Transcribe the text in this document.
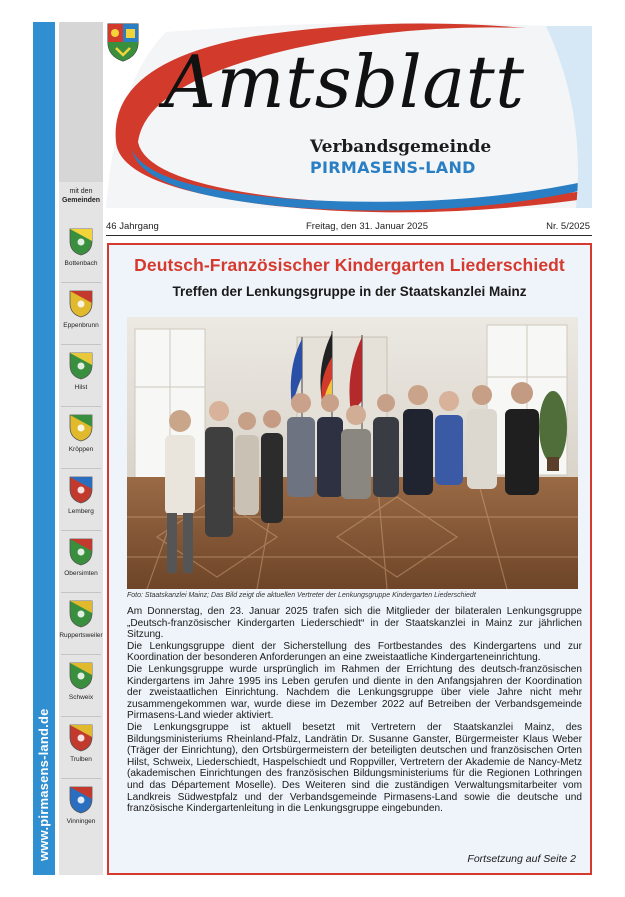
www.pirmasens-land.de
mit den
Gemeinden
Bottenbach
Eppenbrunn
Hilst
Kröppen
Lemberg
Obersimten
Ruppertsweiler
Schweix
Trulben
Vinningen
Amtsblatt
Verbandsgemeinde
PIRMASENS-LAND
46 Jahrgang	Freitag, den 31. Januar 2025	Nr. 5/2025
Deutsch-Französischer Kindergarten Liederschiedt
Treffen der Lenkungsgruppe in der Staatskanzlei Mainz
Foto: Staatskanzlei Mainz; Das Bild zeigt die aktuellen Vertreter der Lenkungsgruppe Kindergarten Liederschiedt

Am Donnerstag, den 23. Januar 2025 trafen sich die Mitglieder der bilateralen Lenkungsgruppe „Deutsch-französischer Kindergarten Liederschiedt“ in der Staatskanzlei in Mainz zur jährlichen Sitzung.

Die Lenkungsgruppe dient der Sicherstellung des Fortbestandes des Kindergartens und zur Koordination der besonderen Anforderungen an eine zweistaatliche Kindergarteneinrichtung.

Die Lenkungsgruppe wurde ursprünglich im Rahmen der Errichtung des deutsch-französischen Kindergartens im Jahre 1995 ins Leben gerufen und diente in den Anfangsjahren der Koordination der zweistaatlichen Einrichtung. Nachdem die Lenkungsgruppe über viele Jahre nicht mehr zusammengekommen war, wurde diese im Dezember 2022 auf Betreiben der Verbandsgemeinde Pirmasens-Land wieder aktiviert.

Die Lenkungsgruppe ist aktuell besetzt mit Vertretern der Staatskanzlei Mainz, des Bildungsministeriums Rheinland-Pfalz, Landrätin Dr. Susanne Ganster, Bürgermeister Klaus Weber (Träger der Einrichtung), den Ortsbürgermeistern der beteiligten deutschen und französischen Orten Hilst, Schweix, Liederschiedt, Haspelschiedt und Roppviller, Vertretern der Akademie de Nancy-Metz (akademischen Einrichtungen des französischen Bildungsministeriums für die Regionen Lothringen und das Département Moselle). Des Weiteren sind die zuständigen Verwaltungsmitarbeiter vom Landkreis Südwestpfalz und der Verbandsgemeinde Pirmasens-Land sowie die deutsche und französische Kindergartenleitung in die Lenkungsgruppe eingebunden.

Fortsetzung auf Seite 2
